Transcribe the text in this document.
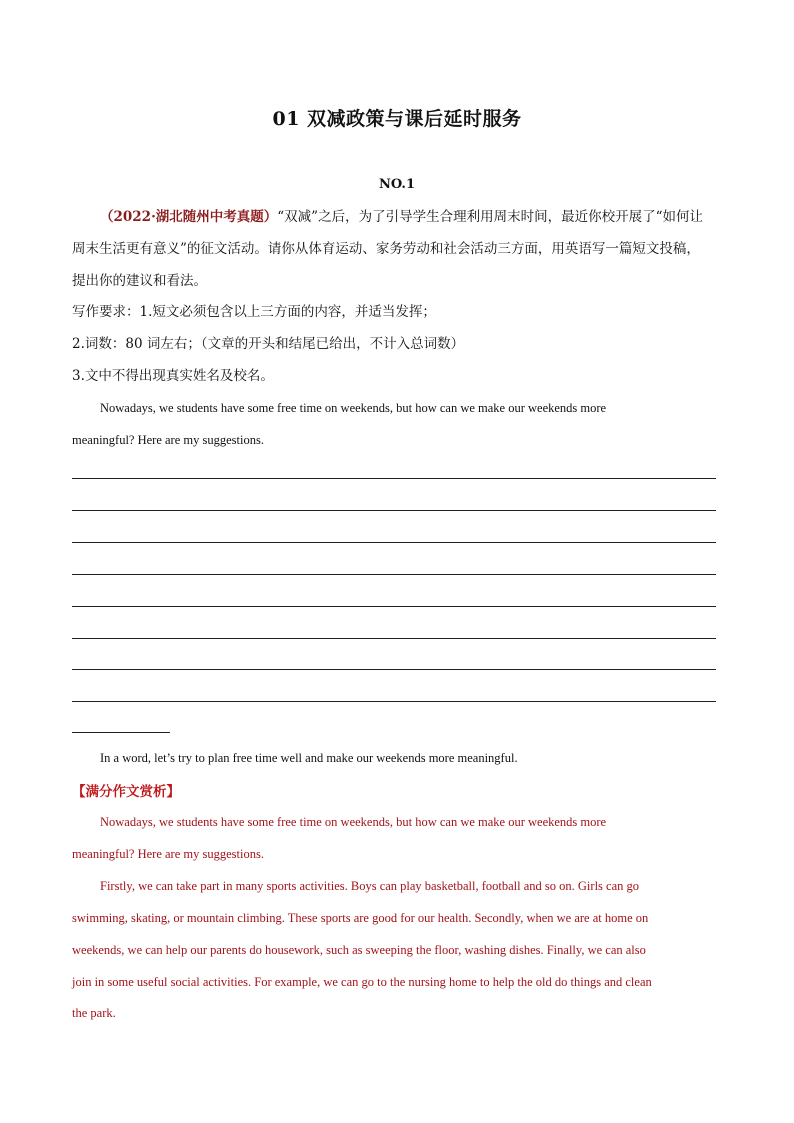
01 双减政策与课后延时服务
NO.1
（2022·湖北随州中考真题）“双减”之后，为了引导学生合理利用周末时间，最近你校开展了“如何让
周末生活更有意义”的征文活动。请你从体育运动、家务劳动和社会活动三方面，用英语写一篇短文投稿，
提出你的建议和看法。
写作要求：1.短文必须包含以上三方面的内容，并适当发挥；
2.词数：80 词左右；（文章的开头和结尾已给出，不计入总词数）
3.文中不得出现真实姓名及校名。
Nowadays, we students have some free time on weekends, but how can we make our weekends more
meaningful? Here are my suggestions.
In a word, let’s try to plan free time well and make our weekends more meaningful.
【满分作文赏析】
Nowadays, we students have some free time on weekends, but how can we make our weekends more
meaningful? Here are my suggestions.
Firstly, we can take part in many sports activities. Boys can play basketball, football and so on. Girls can go
swimming, skating, or mountain climbing. These sports are good for our health. Secondly, when we are at home on
weekends, we can help our parents do housework, such as sweeping the floor, washing dishes. Finally, we can also
join in some useful social activities. For example, we can go to the nursing home to help the old do things and clean
the park.
